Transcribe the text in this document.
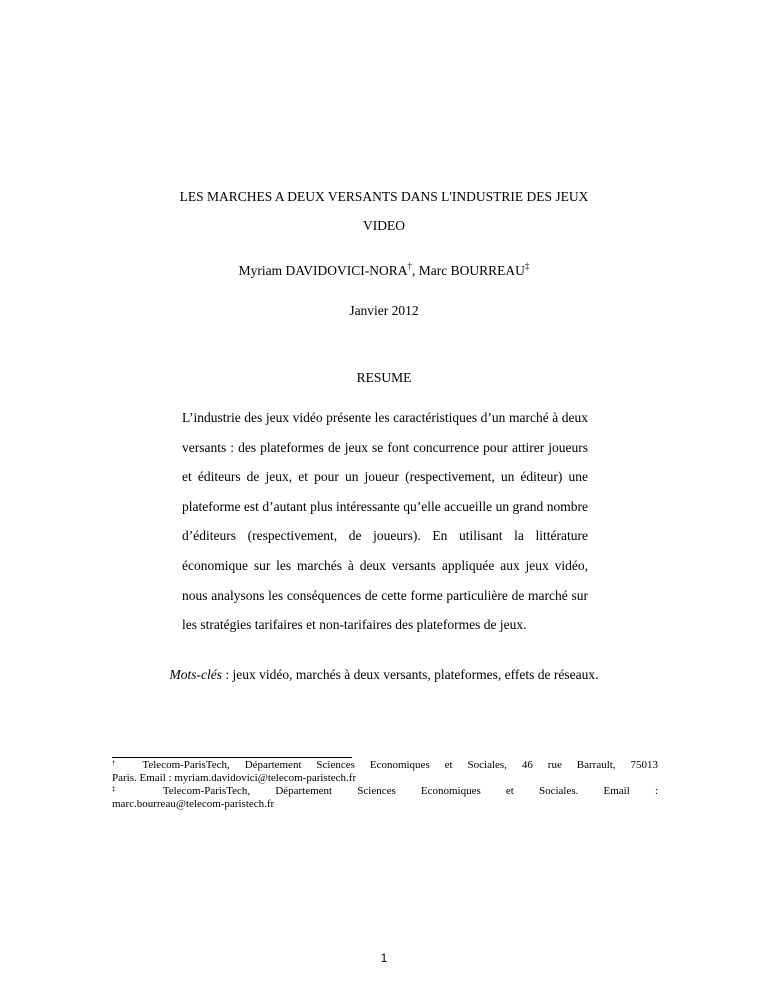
LES MARCHES A DEUX VERSANTS DANS L'INDUSTRIE DES JEUX
VIDEO
Myriam DAVIDOVICI-NORA†, Marc BOURREAU‡
Janvier 2012
RESUME

L’industrie des jeux vidéo présente les caractéristiques d’un marché à deux versants : des plateformes de jeux se font concurrence pour attirer joueurs et éditeurs de jeux, et pour un joueur (respectivement, un éditeur) une plateforme est d’autant plus intéressante qu’elle accueille un grand nombre d’éditeurs (respectivement, de joueurs). En utilisant la littérature économique sur les marchés à deux versants appliquée aux jeux vidéo, nous analysons les conséquences de cette forme particulière de marché sur les stratégies tarifaires et non-tarifaires des plateformes de jeux.

Mots-clés : jeux vidéo, marchés à deux versants, plateformes, effets de réseaux.
† Telecom-ParisTech, Département Sciences Economiques et Sociales, 46 rue Barrault, 75013
Paris. Email : myriam.davidovici@telecom-paristech.fr
‡ Telecom-ParisTech, Département Sciences Economiques et Sociales. Email :
marc.bourreau@telecom-paristech.fr
1
